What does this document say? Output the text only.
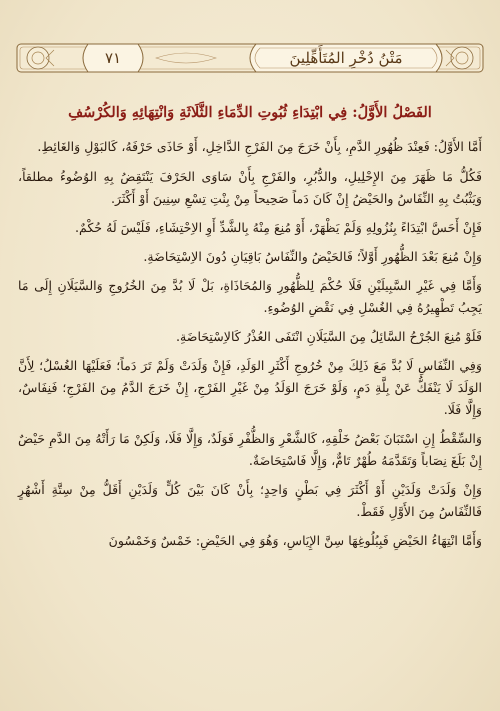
مَتْنُ دُخْرِ المُتَأَهِّلِينَ
٧١
الفَصْلُ الأَوَّلُ: فِي ابْتِدَاءِ ثُبُوتِ الدِّمَاءِ الثَّلَاثَةِ وَانْتِهَائِهِ وَالكُرْسُفِ

أَمَّا الأَوَّلُ: فَعِنْدَ ظُهُورِ الدَّمِ، بِأَنْ خَرَجَ مِنَ الفَرْجِ الدَّاخِلِ، أَوْ حَاذَى حَرْفَهُ، كَالبَوْلِ وَالغَائِطِ.

فَكُلُّ مَا ظَهَرَ مِنَ الإِحْلِيلِ، والدُّبُرِ، والفَرْجِ بِأَنْ سَاوَى الحَرْفَ يَنْتَقِضُ بِهِ الوُضُوءُ مطلقاً، وَيَثْبُتُ بِهِ النِّفَاسُ والحَيْضُ إِنْ كَانَ دَماً صَحِيحاً مِنْ بِنْتِ تِسْعِ سِنِينَ أَوْ أَكْثَرَ.

فَإِنْ أَحَسَّ ابْتِدَاءً بِنُزُولِهِ وَلَمْ يَظْهَرْ، أَوْ مُنِعَ مِنْهُ بِالشَّدِّ أَوِ الاِحْتِشَاءِ، فَلَيْسَ لَهُ حُكْمٌ.

وَإِنْ مُنِعَ بَعْدَ الظُّهُورِ أَوَّلاً؛ فَالحَيْضُ والنِّفَاسُ بَاقِيَانِ دُونَ الاِسْتِحَاضَةِ.

وَأَمَّا فِي غَيْرِ السَّبِيلَيْنِ فَلَا حُكْمَ لِلظُّهُورِ وَالمُحَاذَاةِ، بَلْ لَا بُدَّ مِنَ الخُرُوجِ وَالسَّيَلَانِ إِلَى مَا يَجِبُ تَطْهِيرُهُ فِي الغُسْلِ فِي نَقْضِ الوُضُوءِ.

فَلَوْ مُنِعَ الجُرْحُ السَّائِلُ مِنَ السَّيَلَانِ انْتَفَى العُذْرُ كَالاِسْتِحَاضَةِ.

وَفِي النِّفَاسِ لَا بُدَّ مَعَ ذَلِكَ مِنْ خُرُوجِ أَكْثَرِ الوَلَدِ، فَإِنْ وَلَدَتْ وَلَمْ تَرَ دَماً؛ فَعَلَيْهَا الغُسْلُ؛ لِأَنَّ الوَلَدَ لَا يَنْفَكُّ عَنْ بِلَّةِ دَمٍ، وَلَوْ خَرَجَ الوَلَدُ مِنْ غَيْرِ الفَرْجِ، إِنْ خَرَجَ الدَّمُ مِنَ الفَرْجِ؛ فَنِفَاسٌ، وَإِلَّا فَلَا.

وَالسِّقْطُ إِنِ اسْتَبَانَ بَعْضُ خَلْقِهِ، كَالشَّعْرِ وَالظُّفْرِ فَوَلَدٌ، وَإِلَّا فَلَا، وَلَكِنْ مَا رَأَتْهُ مِنَ الدَّمِ حَيْضٌ إِنْ بَلَغَ نِصَاباً وَتَقَدَّمَهُ طُهْرٌ تَامٌّ، وَإِلَّا فَاسْتِحَاضَةٌ.

وَإِنْ وَلَدَتْ وَلَدَيْنِ أَوْ أَكْثَرَ فِي بَطْنٍ وَاحِدٍ؛ بِأَنْ كَانَ بَيْنَ كُلٍّ وَلَدَيْنِ أَقَلُّ مِنْ سِتَّةِ أَشْهُرٍ فَالنِّفَاسُ مِنَ الأَوَّلِ فَقَطْ.

وَأَمَّا انْتِهَاءُ الحَيْضِ فَبِبُلُوغِهَا سِنَّ الإِيَاسِ، وَهُوَ فِي الحَيْضِ: خَمْسٌ وَخَمْسُونَ
